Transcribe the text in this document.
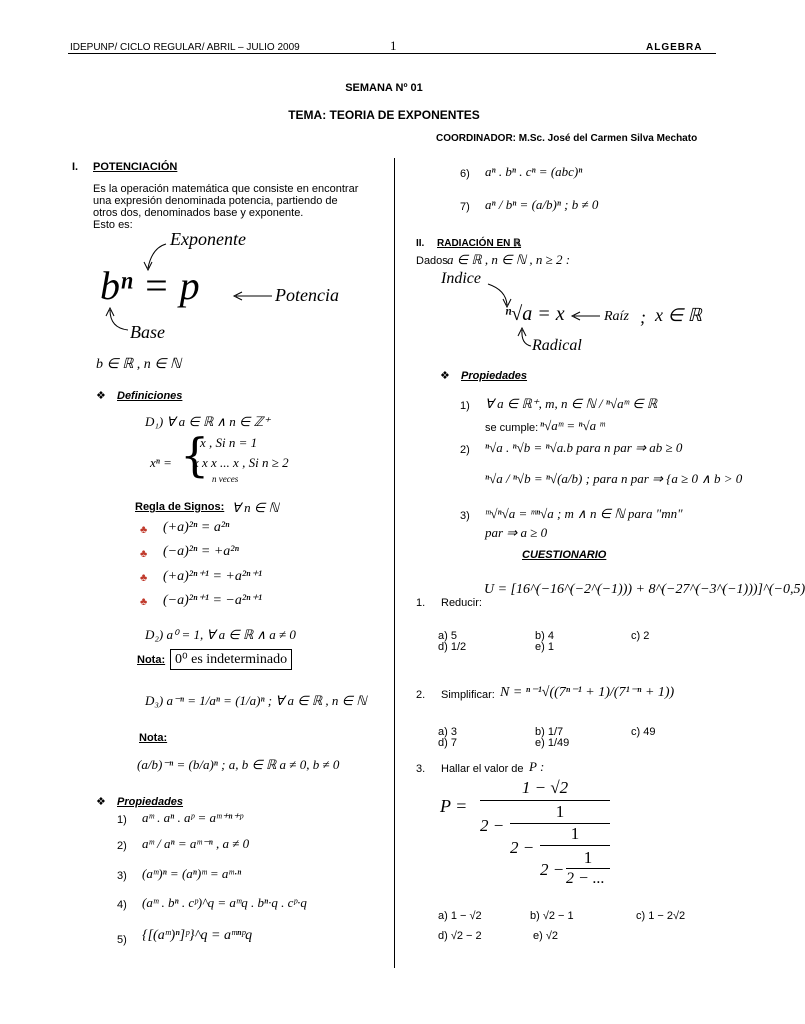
IDEPUNP/ CICLO REGULAR/ ABRIL – JULIO 2009	1	ALGEBRA
SEMANA Nº 01
TEMA: TEORIA DE EXPONENTES
COORDINADOR: M.Sc. José del Carmen Silva Mechato
I. POTENCIACIÓN
Es la operación matemática que consiste en encontrar
una expresión denominada potencia, partiendo de
otros dos, denominados base y exponente.
Esto es:
Exponente
bⁿ = p	Potencia
Base
b ∈ ℝ , n ∈ ℕ
❖ Definiciones
D₁) ∀ a ∈ ℝ ∧ n ∈ ℤ⁺
xⁿ = {
x , Si n = 1
x x x ... x , Si n ≥ 2
n veces
Regla de Signos: ∀ n ∈ ℕ
♣ (+a)²ⁿ = a²ⁿ
♣ (−a)²ⁿ = +a²ⁿ
♣ (+a)²ⁿ⁺¹ = +a²ⁿ⁺¹
♣ (−a)²ⁿ⁺¹ = −a²ⁿ⁺¹
D₂) a⁰ = 1, ∀ a ∈ ℝ ∧ a ≠ 0
Nota: 0⁰ es indeterminado
D₃) a⁻ⁿ = 1/aⁿ = (1/a)ⁿ ; ∀ a ∈ ℝ , n ∈ ℕ
Nota:
(a/b)⁻ⁿ = (b/a)ⁿ ; a, b ∈ ℝ a ≠ 0, b ≠ 0
❖ Propiedades
1) aᵐ . aⁿ . aᵖ = aᵐ⁺ⁿ⁺ᵖ
2) aᵐ / aⁿ = aᵐ⁻ⁿ , a ≠ 0
3) (aᵐ)ⁿ = (aⁿ)ᵐ = aᵐ·ⁿ
4) (aᵐ . bⁿ . cᵖ)^q = aᵐq . bⁿ·q . cᵖ·q
5) {[(aᵐ)ⁿ]ᵖ}^q = aᵐⁿᵖq
6) aⁿ . bⁿ . cⁿ = (abc)ⁿ
7) aⁿ / bⁿ = (a/b)ⁿ ; b ≠ 0
II. RADIACIÓN EN ℝ
Dados a ∈ ℝ , n ∈ ℕ , n ≥ 2 :
Indice
ⁿ√a = x	Raíz ; x ∈ ℝ
Radical
❖ Propiedades
1) ∀ a ∈ ℝ⁺, m, n ∈ ℕ / ⁿ√aᵐ ∈ ℝ
se cumple: ⁿ√aᵐ = ⁿ√a ᵐ
2) ⁿ√a . ⁿ√b = ⁿ√a.b para n par ⇒ ab ≥ 0
ⁿ√a / ⁿ√b = ⁿ√(a/b) ; para n par ⇒ {a ≥ 0 ∧ b > 0
3) ᵐ√ⁿ√a = ᵐⁿ√a ; m ∧ n ∈ ℕ para "mn"
par ⇒ a ≥ 0
CUESTIONARIO
1. Reducir:
U = [16^(−16^(−2^(−1))) + 8^(−27^(−3^(−1)))]^(−0,5)
a) 5	b) 4	c) 2
d) 1/2	e) 1
2. Simplificar: N = ⁿ⁻¹√((7ⁿ⁻¹ + 1)/(7¹⁻ⁿ + 1))
a) 3	b) 1/7	c) 49
d) 7	e) 1/49
3. Hallar el valor de P :
P =
1 − √2
2 −
1
2 −
1
2 −
1
2 − ...
a) 1 − √2	b) √2 − 1	c) 1 − 2√2
d) √2 − 2	e) √2
